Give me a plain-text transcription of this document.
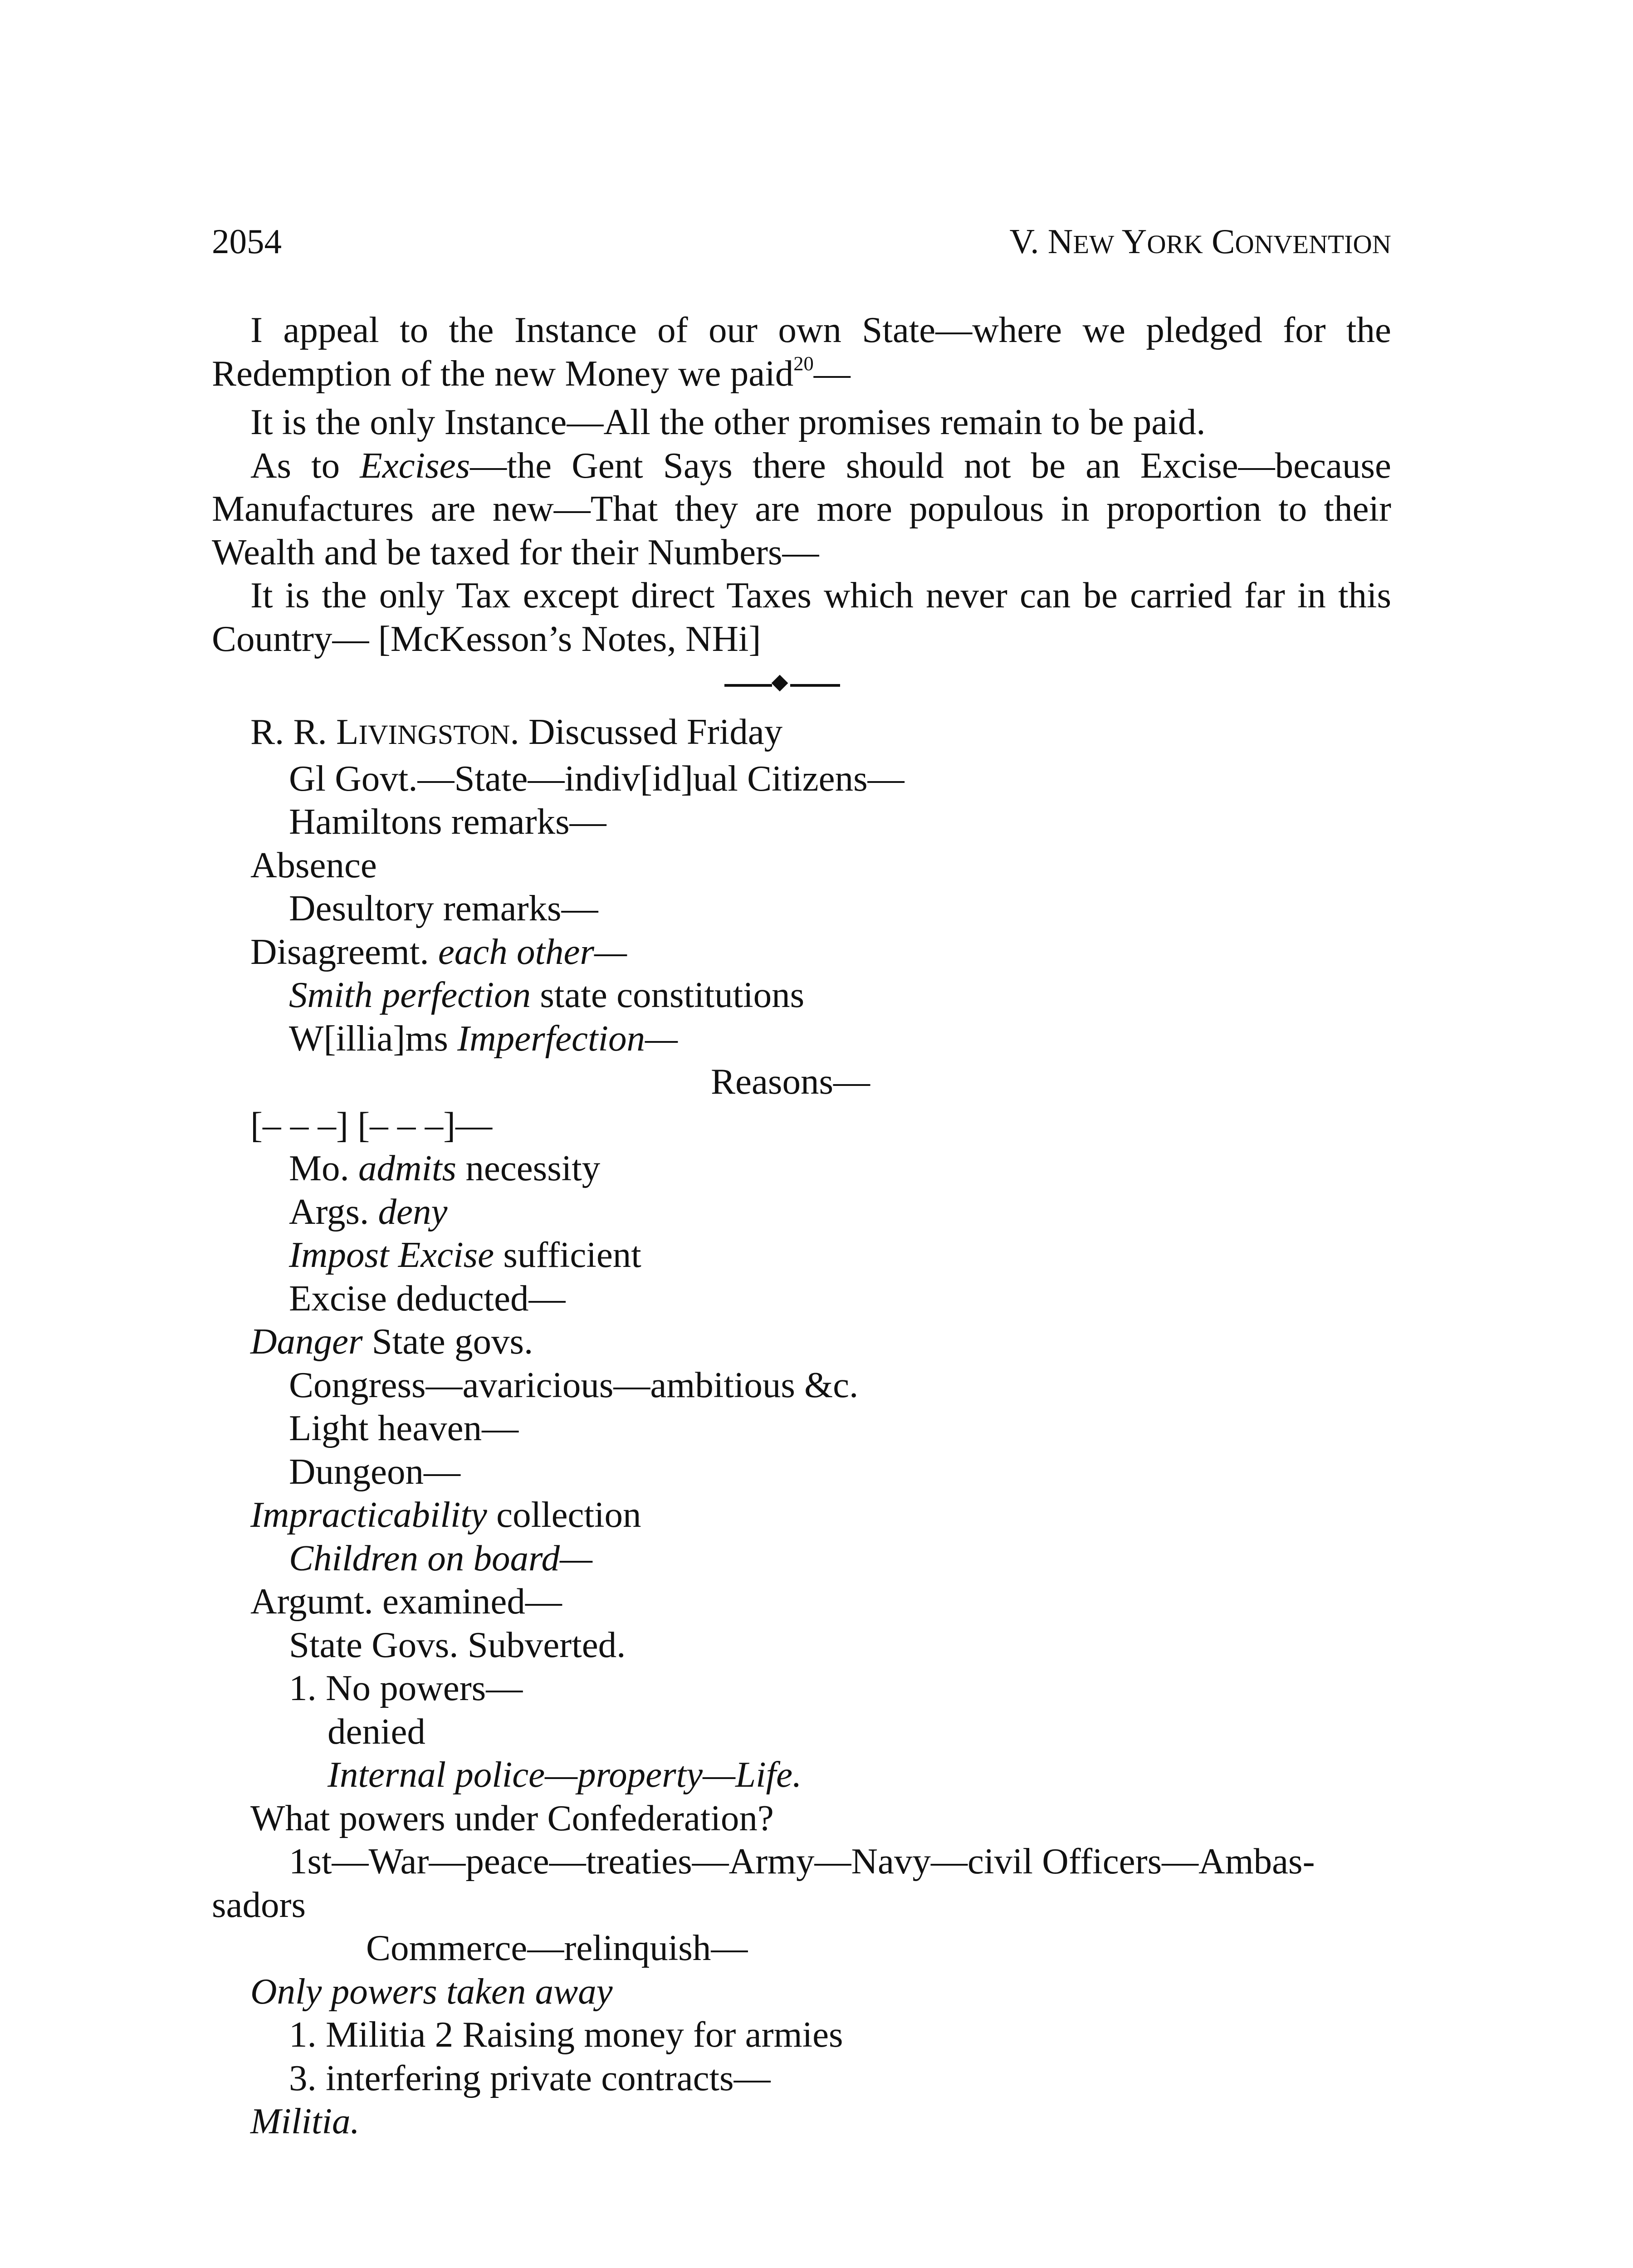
2054	V. NEW YORK CONVENTION
I appeal to the Instance of our own State—where we pledged for the Redemption of the new Money we paid$^{20}$—
It is the only Instance—All the other promises remain to be paid.
As to Excises—the Gent Says there should not be an Excise—because Manufactures are new—That they are more populous in proportion to their Wealth and be taxed for their Numbers—
It is the only Tax except direct Taxes which never can be carried far in this Country— [McKesson’s Notes, NHi]
R. R. LIVINGSTON. Discussed Friday
Gl Govt.—State—indiv[id]ual Citizens—
Hamiltons remarks—
Absence
Desultory remarks—
Disagreemt. each other—
Smith perfection state constitutions
W[illia]ms Imperfection—
Reasons—
[– – –] [– – –]—
Mo. admits necessity
Args. deny
Impost Excise sufficient
Excise deducted—
Danger State govs.
Congress—avaricious—ambitious &c.
Light heaven—
Dungeon—
Impracticability collection
Children on board—
Argumt. examined—
State Govs. Subverted.
1. No powers—
denied
Internal police—property—Life.
What powers under Confederation?
1st—War—peace—treaties—Army—Navy—civil Officers—Ambas-
sadors
Commerce—relinquish—
Only powers taken away
1. Militia 2 Raising money for armies
3. interfering private contracts—
Militia.
